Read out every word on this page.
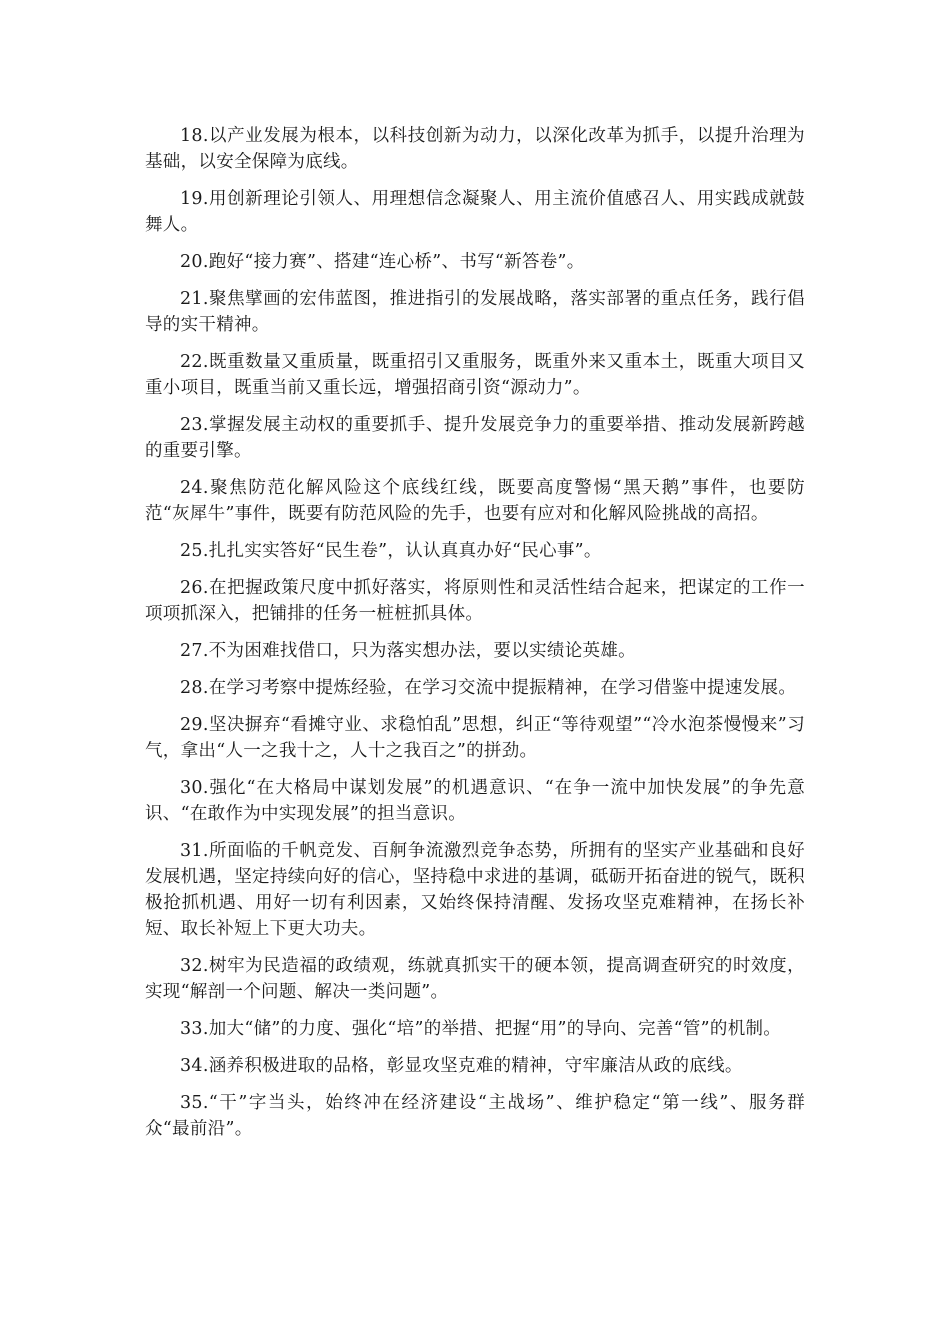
18.以产业发展为根本，以科技创新为动力，以深化改革为抓手，以提升治理为基础，以安全保障为底线。

19.用创新理论引领人、用理想信念凝聚人、用主流价值感召人、用实践成就鼓舞人。

20.跑好“接力赛”、搭建“连心桥”、书写“新答卷”。

21.聚焦擘画的宏伟蓝图，推进指引的发展战略，落实部署的重点任务，践行倡导的实干精神。

22.既重数量又重质量，既重招引又重服务，既重外来又重本土，既重大项目又重小项目，既重当前又重长远，增强招商引资“源动力”。

23.掌握发展主动权的重要抓手、提升发展竞争力的重要举措、推动发展新跨越的重要引擎。

24.聚焦防范化解风险这个底线红线，既要高度警惕“黑天鹅”事件，也要防范“灰犀牛”事件，既要有防范风险的先手，也要有应对和化解风险挑战的高招。

25.扎扎实实答好“民生卷”，认认真真办好“民心事”。

26.在把握政策尺度中抓好落实，将原则性和灵活性结合起来，把谋定的工作一项项抓深入，把铺排的任务一桩桩抓具体。

27.不为困难找借口，只为落实想办法，要以实绩论英雄。

28.在学习考察中提炼经验，在学习交流中提振精神，在学习借鉴中提速发展。

29.坚决摒弃“看摊守业、求稳怕乱”思想，纠正“等待观望”“冷水泡茶慢慢来”习气，拿出“人一之我十之，人十之我百之”的拼劲。

30.强化“在大格局中谋划发展”的机遇意识、“在争一流中加快发展”的争先意识、“在敢作为中实现发展”的担当意识。

31.所面临的千帆竞发、百舸争流激烈竞争态势，所拥有的坚实产业基础和良好发展机遇，坚定持续向好的信心，坚持稳中求进的基调，砥砺开拓奋进的锐气，既积极抢抓机遇、用好一切有利因素，又始终保持清醒、发扬攻坚克难精神，在扬长补短、取长补短上下更大功夫。

32.树牢为民造福的政绩观，练就真抓实干的硬本领，提高调查研究的时效度，实现“解剖一个问题、解决一类问题”。

33.加大“储”的力度、强化“培”的举措、把握“用”的导向、完善“管”的机制。

34.涵养积极进取的品格，彰显攻坚克难的精神，守牢廉洁从政的底线。

35.“干”字当头，始终冲在经济建设“主战场”、维护稳定“第一线”、服务群众“最前沿”。
